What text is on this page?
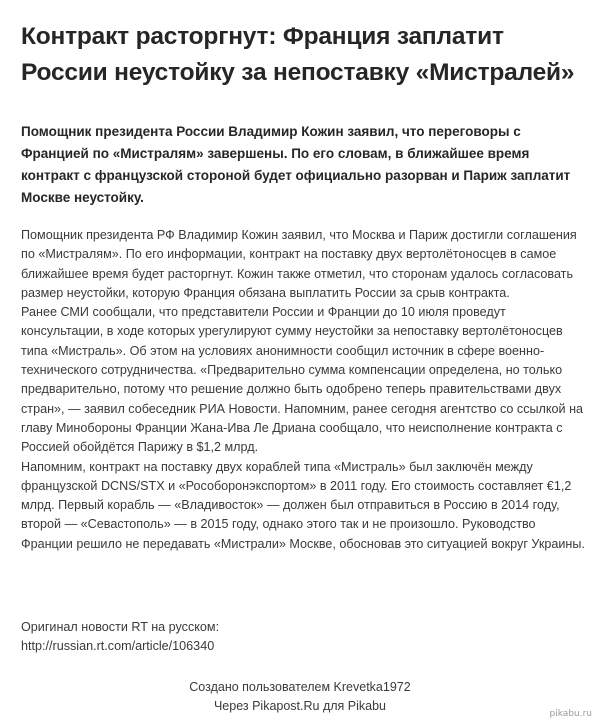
Контракт расторгнут: Франция заплатит России неустойку за непоставку «Мистралей»

Помощник президента России Владимир Кожин заявил, что переговоры с Францией по «Мистралям» завершены. По его словам, в ближайшее время контракт с французской стороной будет официально разорван и Париж заплатит Москве неустойку.

Помощник президента РФ Владимир Кожин заявил, что Москва и Париж достигли соглашения по «Мистралям». По его информации, контракт на поставку двух вертолётоносцев в самое ближайшее время будет расторгнут. Кожин также отметил, что сторонам удалось согласовать размер неустойки, которую Франция обязана выплатить России за срыв контракта.

Ранее СМИ сообщали, что представители России и Франции до 10 июля проведут консультации, в ходе которых урегулируют сумму неустойки за непоставку вертолётоносцев типа «Мистраль». Об этом на условиях анонимности сообщил источник в сфере военно-технического сотрудничества. «Предварительно сумма компенсации определена, но только предварительно, потому что решение должно быть одобрено теперь правительствами двух стран», — заявил собеседник РИА Новости. Напомним, ранее сегодня агентство со ссылкой на главу Минобороны Франции Жана-Ива Ле Дриана сообщало, что неисполнение контракта с Россией обойдётся Парижу в $1,2 млрд.

Напомним, контракт на поставку двух кораблей типа «Мистраль» был заключён между французской DCNS/STX и «Рособоронэкспортом» в 2011 году. Его стоимость составляет €1,2 млрд. Первый корабль — «Владивосток» — должен был отправиться в Россию в 2014 году, второй — «Севастополь» — в 2015 году, однако этого так и не произошло. Руководство Франции решило не передавать «Мистрали» Москве, обосновав это ситуацией вокруг Украины.

Оригинал новости RT на русском:

http://russian.rt.com/article/106340

Создано пользователем Krevetka1972

Через Pikapost.Ru для Pikabu

pikabu.ru
